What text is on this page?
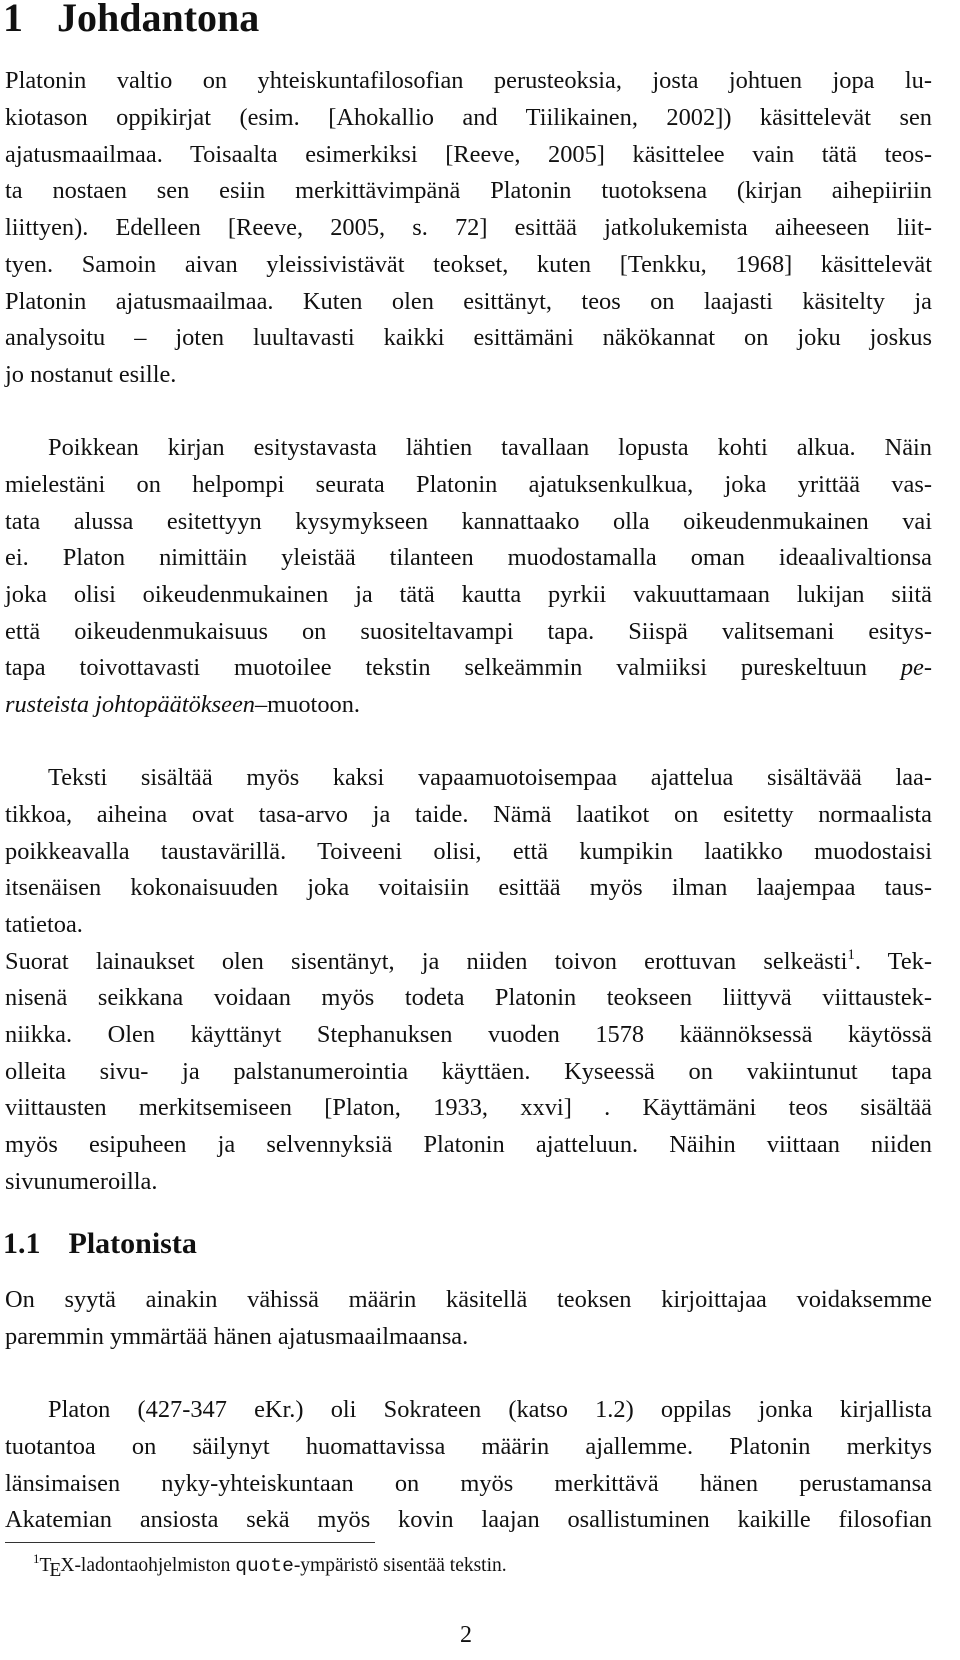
1 Johdantona
Platonin valtio on yhteiskuntafilosofian perusteoksia, josta johtuen jopa lu-
kiotason oppikirjat (esim. [Ahokallio and Tiilikainen, 2002]) käsittelevät sen
ajatusmaailmaa. Toisaalta esimerkiksi [Reeve, 2005] käsittelee vain tätä teos-
ta nostaen sen esiin merkittävimpänä Platonin tuotoksena (kirjan aihepiiriin
liittyen). Edelleen [Reeve, 2005, s. 72] esittää jatkolukemista aiheeseen liit-
tyen. Samoin aivan yleissivistävät teokset, kuten [Tenkku, 1968] käsittelevät
Platonin ajatusmaailmaa. Kuten olen esittänyt, teos on laajasti käsitelty ja
analysoitu – joten luultavasti kaikki esittämäni näkökannat on joku joskus
jo nostanut esille.
Poikkean kirjan esitystavasta lähtien tavallaan lopusta kohti alkua. Näin
mielestäni on helpompi seurata Platonin ajatuksenkulkua, joka yrittää vas-
tata alussa esitettyyn kysymykseen kannattaako olla oikeudenmukainen vai
ei. Platon nimittäin yleistää tilanteen muodostamalla oman ideaalivaltionsa
joka olisi oikeudenmukainen ja tätä kautta pyrkii vakuuttamaan lukijan siitä
että oikeudenmukaisuus on suositeltavampi tapa. Siispä valitsemani esitys-
tapa toivottavasti muotoilee tekstin selkeämmin valmiiksi pureskeltuun pe-
rusteista johtopäätökseen–muotoon.
Teksti sisältää myös kaksi vapaamuotoisempaa ajattelua sisältävää laa-
tikkoa, aiheina ovat tasa-arvo ja taide. Nämä laatikot on esitetty normaalista
poikkeavalla taustavärillä. Toiveeni olisi, että kumpikin laatikko muodostaisi
itsenäisen kokonaisuuden joka voitaisiin esittää myös ilman laajempaa taus-
tatietoa.
Suorat lainaukset olen sisentänyt, ja niiden toivon erottuvan selkeästi$^1$. Tek-
nisenä seikkana voidaan myös todeta Platonin teokseen liittyvä viittaustek-
niikka. Olen käyttänyt Stephanuksen vuoden 1578 käännöksessä käytössä
olleita sivu- ja palstanumerointia käyttäen. Kyseessä on vakiintunut tapa
viittausten merkitsemiseen [Platon, 1933, xxvi] . Käyttämäni teos sisältää
myös esipuheen ja selvennyksiä Platonin ajatteluun. Näihin viittaan niiden
sivunumeroilla.
1.1 Platonista
On syytä ainakin vähissä määrin käsitellä teoksen kirjoittajaa voidaksemme
paremmin ymmärtää hänen ajatusmaailmaansa.
Platon (427-347 eKr.) oli Sokrateen (katso 1.2) oppilas jonka kirjallista
tuotantoa on säilynyt huomattavissa määrin ajallemme. Platonin merkitys
länsimaisen nyky-yhteiskuntaan on myös merkittävä hänen perustamansa
Akatemian ansiosta sekä myös kovin laajan osallistuminen kaikille filosofian
$^1$TEX-ladontaohjelmiston quote-ympäristö sisentää tekstin.
2
